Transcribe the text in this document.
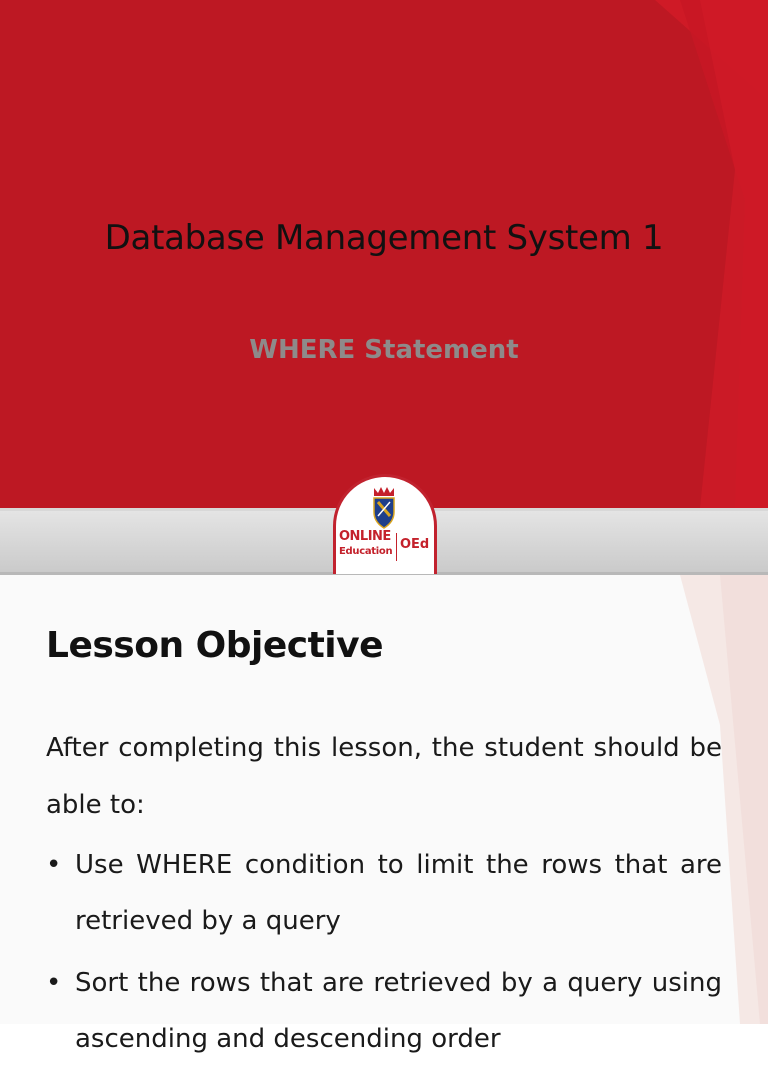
Database Management System 1
WHERE Statement
ONLINE
Education OEd
Lesson Objective
After completing this lesson, the student should be able to:
• Use WHERE condition to limit the rows that are retrieved by a query
• Sort the rows that are retrieved by a query using ascending and descending order
